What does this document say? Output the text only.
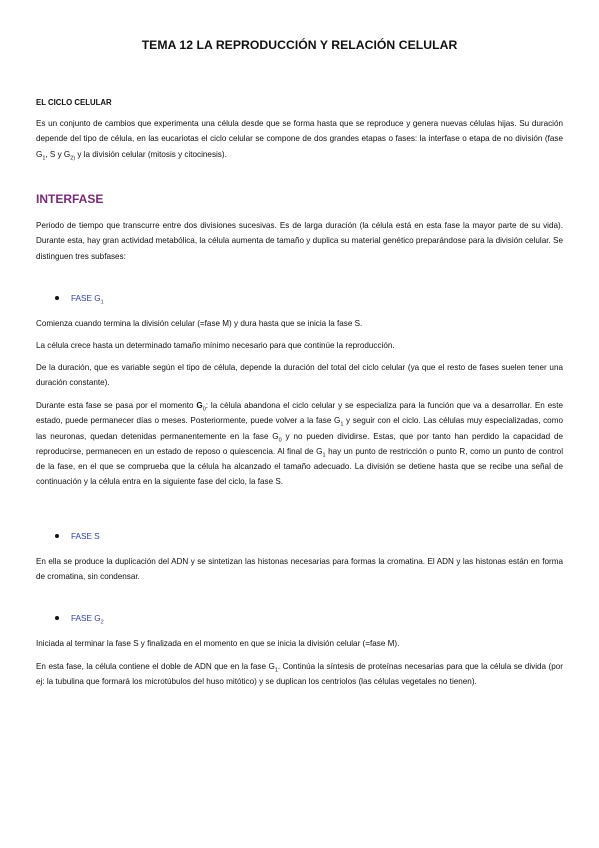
TEMA 12 LA REPRODUCCIÓN Y RELACIÓN CELULAR
EL CICLO CELULAR

Es un conjunto de cambios que experimenta una célula desde que se forma hasta que se reproduce y genera nuevas células hijas. Su duración depende del tipo de célula, en las eucariotas el ciclo celular se compone de dos grandes etapas o fases: la interfase o etapa de no división (fase $G_1$, S y $G_{2)}$ y la división celular (mitosis y citocinesis).

INTERFASE

Periodo de tiempo que transcurre entre dos divisiones sucesivas. Es de larga duración (la célula está en esta fase la mayor parte de su vida). Durante esta, hay gran actividad metabólica, la célula aumenta de tamaño y duplica su material genético preparándose para la división celular. Se distinguen tres subfases:

FASE $G_1$

Comienza cuando termina la división celular (=fase M) y dura hasta que se inicia la fase S.

La célula crece hasta un determinado tamaño mínimo necesario para que continúe la reproducción.

De la duración, que es variable según el tipo de célula, depende la duración del total del ciclo celular (ya que el resto de fases suelen tener una duración constante).

Durante esta fase se pasa por el momento $G_0$: la célula abandona el ciclo celular y se especializa para la función que va a desarrollar. En este estado, puede permanecer días o meses. Posteriormente, puede volver a la fase $G_1$ y seguir con el ciclo. Las células muy especializadas, como las neuronas, quedan detenidas permanentemente en la fase $G_0$ y no pueden dividirse. Estas, que por tanto han perdido la capacidad de reproducirse, permanecen en un estado de reposo o quiescencia. Al final de $G_1$ hay un punto de restricción o punto R, como un punto de control de la fase, en el que se comprueba que la célula ha alcanzado el tamaño adecuado. La división se detiene hasta que se recibe una señal de continuación y la célula entra en la siguiente fase del ciclo, la fase S.

FASE S

En ella se produce la duplicación del ADN y se sintetizan las histonas necesarias para formas la cromatina. El ADN y las histonas están en forma de cromatina, sin condensar.

FASE $G_2$

Iniciada al terminar la fase S y finalizada en el momento en que se inicia la división celular (=fase M).

En esta fase, la célula contiene el doble de ADN que en la fase $G_1$. Continúa la síntesis de proteínas necesarias para que la célula se divida (por ej: la tubulina que formará los microtúbulos del huso mitótico) y se duplican los centriolos (las células vegetales no tienen).
